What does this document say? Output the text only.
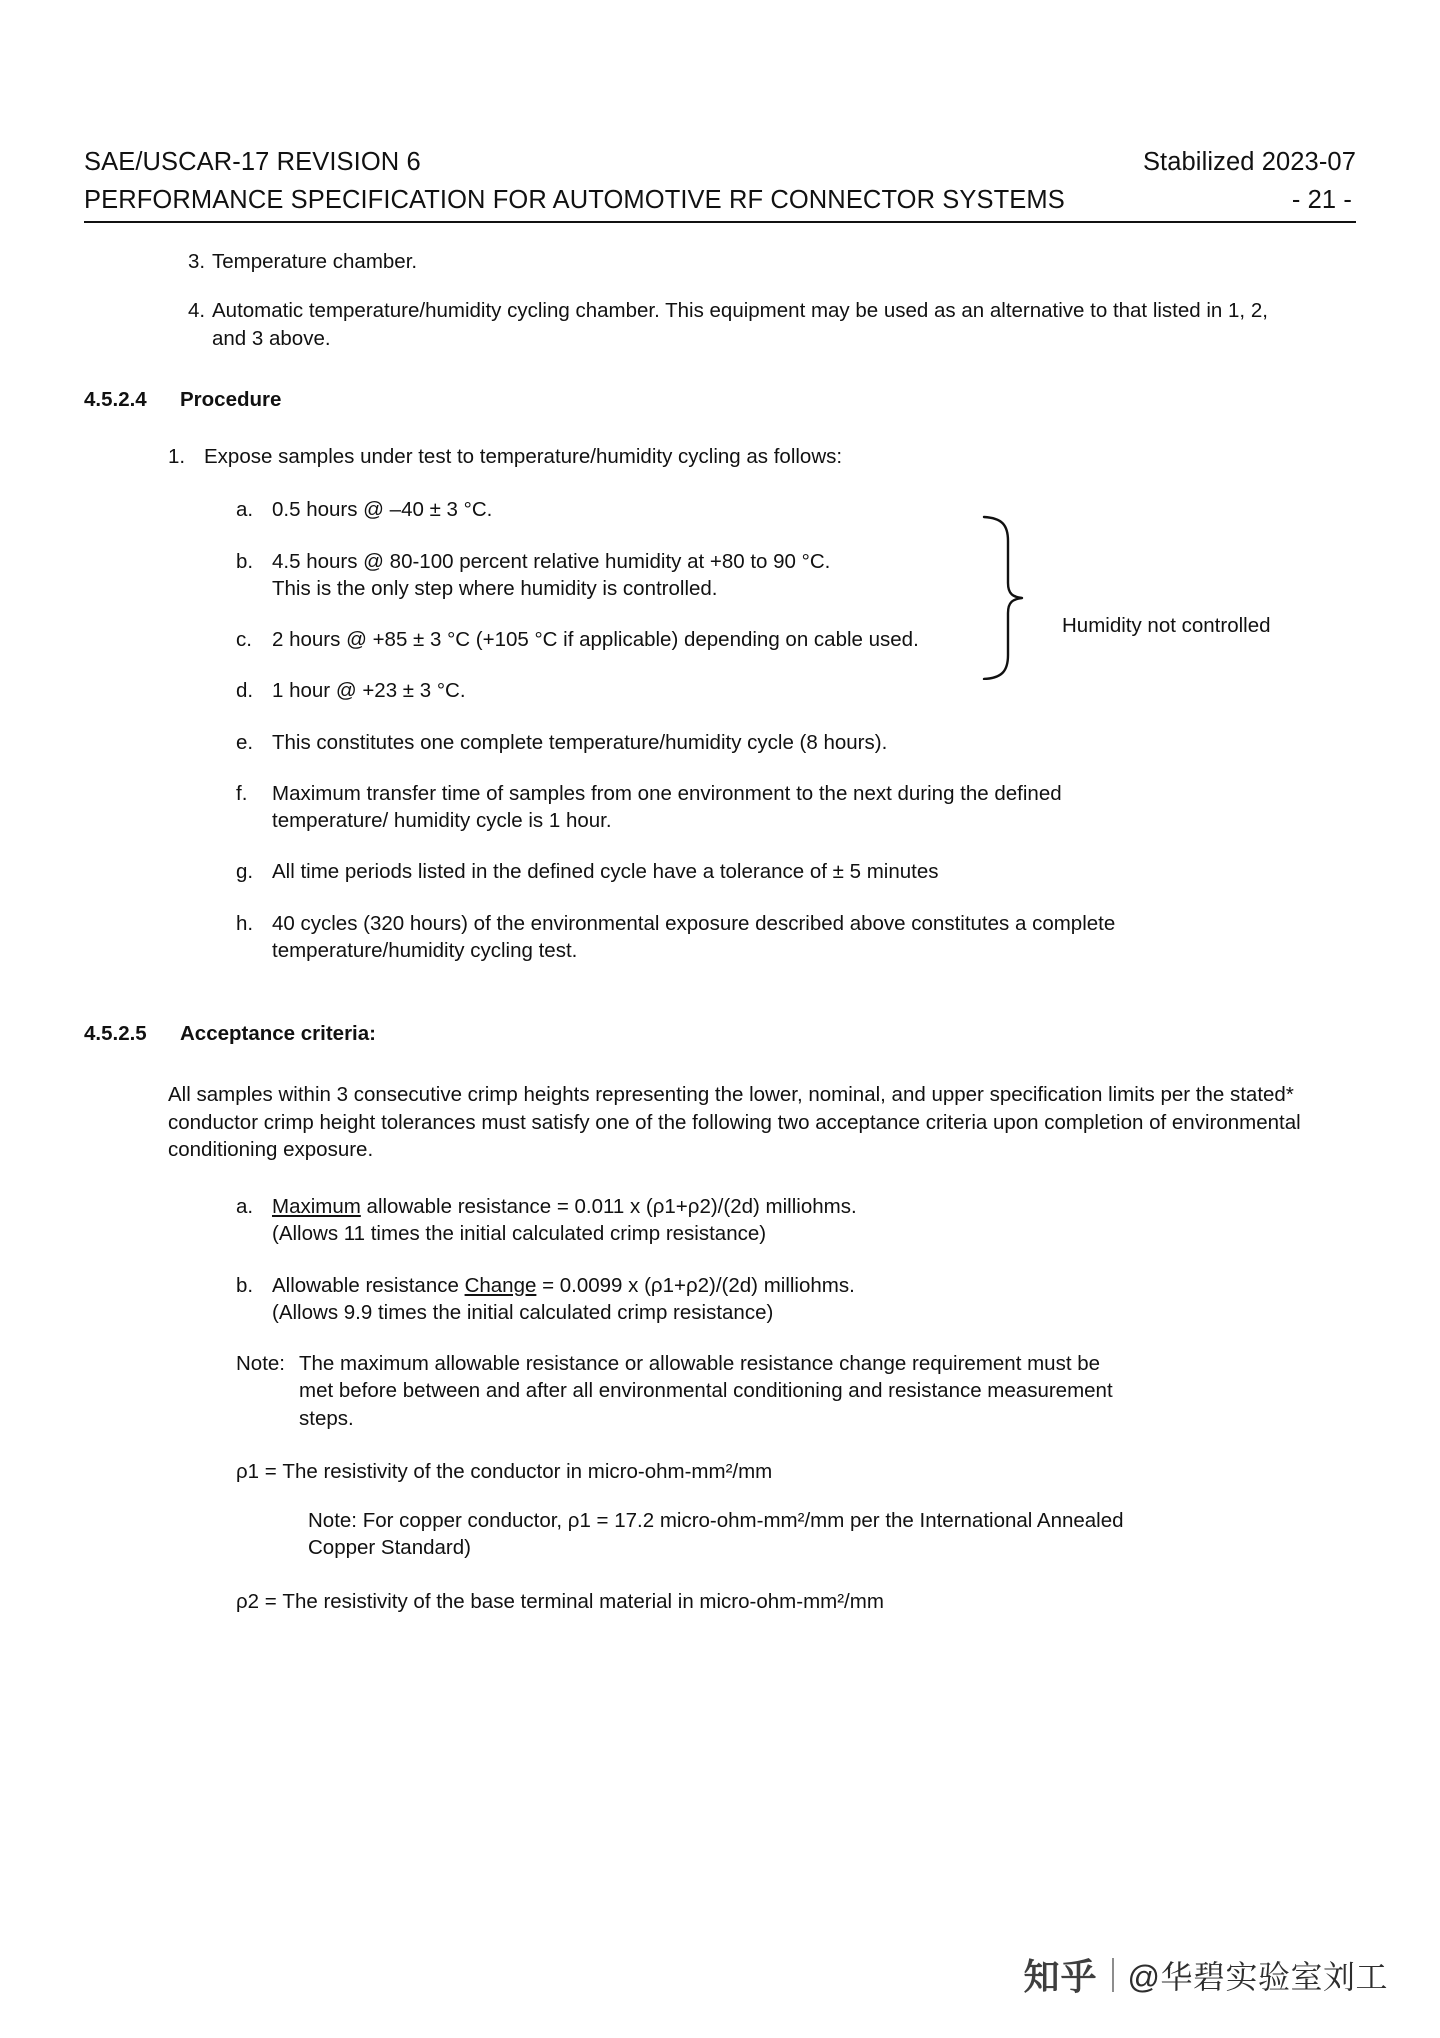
SAE/USCAR-17 REVISION 6	Stabilized 2023-07
PERFORMANCE SPECIFICATION FOR AUTOMOTIVE RF CONNECTOR SYSTEMS	- 21 -
3. Temperature chamber.
4. Automatic temperature/humidity cycling chamber. This equipment may be used as an alternative to that listed in 1, 2, and 3 above.
4.5.2.4	Procedure
1. Expose samples under test to temperature/humidity cycling as follows:
a. 0.5 hours @ –40 ± 3 °C.
b. 4.5 hours @ 80-100 percent relative humidity at +80 to 90 °C.
This is the only step where humidity is controlled.
c. 2 hours @ +85 ± 3 °C (+105 °C if applicable) depending on cable used.
d. 1 hour @ +23 ± 3 °C.
e. This constitutes one complete temperature/humidity cycle (8 hours).
f.	Maximum transfer time of samples from one environment to the next during the defined
temperature/ humidity cycle is 1 hour.
g. All time periods listed in the defined cycle have a tolerance of ± 5 minutes
h. 40 cycles (320 hours) of the environmental exposure described above constitutes a complete
temperature/humidity cycling test.
4.5.2.5	Acceptance criteria:
All samples within 3 consecutive crimp heights representing the lower, nominal, and upper specification limits per the stated* conductor crimp height tolerances must satisfy one of the following two acceptance criteria upon completion of environmental conditioning exposure.
a. Maximum allowable resistance = 0.011 x (ρ1+ρ2)/(2d) milliohms.
(Allows 11 times the initial calculated crimp resistance)
b. Allowable resistance Change = 0.0099 x (ρ1+ρ2)/(2d) milliohms.
(Allows 9.9 times the initial calculated crimp resistance)
Note: The maximum allowable resistance or allowable resistance change requirement must be met before between and after all environmental conditioning and resistance measurement steps.
ρ1 = The resistivity of the conductor in micro-ohm-mm²/mm
Note: For copper conductor, ρ1 = 17.2 micro-ohm-mm²/mm per the International Annealed Copper Standard)
ρ2 = The resistivity of the base terminal material in micro-ohm-mm²/mm
Humidity not controlled
知乎 @华碧实验室刘工
